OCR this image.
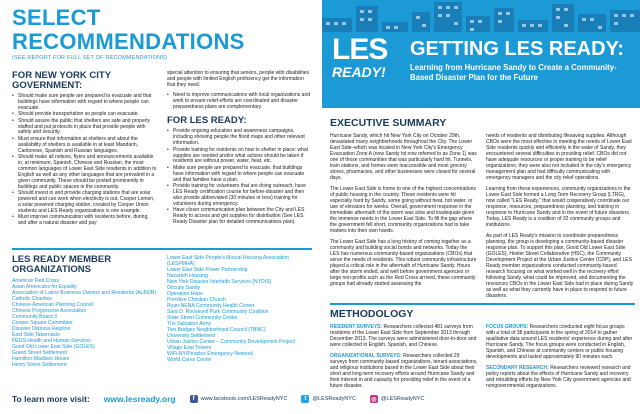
SELECT RECOMMENDATIONS
(SEE REPORT FOR FULL SET OF RECOMMENDATIONS)
FOR NEW YORK CITY GOVERNMENT:
• Should make sure people are prepared to evacuate and that buildings have information with regard to where people can evacuate.
• Should provide transportation so people can evacuate.
• Should assure the public that shelters are safe and properly staffed and put protocols in place that provide people with safety and security.
• Must ensure that information at shelters and about the availability of shelters is available in at least Mandarin, Cantonese, Spanish and Russian languages.
• Should make all notices, flyers and announcements available in, at minimum, Spanish, Chinese and Russian, the most common languages of Lower East Side residents in addition to English as well as any other languages that are prevalent in a given community. These should be posted prominently in buildings and public spaces in the community.
• Should invest in and provide charging stations that are solar powered and can work when electricity is out. Cooper Lemon, a solar powered charging station, created by Cooper Union students and LES Ready organizations is one example.
• Must improve communication with residents before, during, and after a natural disaster and pay
special attention to ensuring that seniors, people with disabilities and people with limited English proficiency get the information that they need.
• Need to improve communications with local organizations and work to ensure relief efforts are coordinated and disaster preparedness plans are complementary.
FOR LES READY:
• Provide ongoing education and awareness campaigns, including showing people the flood maps and other relevant information.
• Provide training for residents on how to shelter in place: what supplies are needed and/or what actions should be taken if residents are without power, water, heat, etc.
• Make sure people are prepared to evacuate, that buildings have information with regard to where people can evacuate and that families have a plan.
• Provide training for volunteers that are doing outreach; have LES Ready certification course for before-disaster and then also provide abbreviated (30 minutes or less) training for volunteers during emergency.
• Have closer communication plan between the City and LES Ready to access and get supplies for distribution (See LES Ready Disaster plan for detailed communications plan).
LES READY MEMBER ORGANIZATIONS
American Red Cross
Asian Americans for Equality
Association of Latino Business Owners and Residents (ALBOR)
Catholic Charities
Chinese-American Planning Council
Chinese Progressive Association
Community Board 3
Cooper Square Committee
Disaster Distress Helpline
East Side Tabernacle
FEGS Health and Human Services
Good Old Lower East Side (GOLES)
Grand Street Settlement
Hamilton-Madison House
Henry Street Settlement
Lower East Side People's Mutual Housing Association (LESPMHA)
Lower East Side Power Partnership
Nazareth Housing
New York Disaster Interfaith Services (NYDIS)
Occupy Sandy
Operation Hope
Primitive Christian Church
Ryan-NENA Community Health Center
Sara D. Roosevelt Park Community Coalition
State Street Community Center
The Salvation Army
Two Bridges Neighborhood Council (TBNC)
University Settlement
Urban Justice Center – Community Development Project
Village East Towers
WiFi-NY/Peoples Emergency Network
World Cares Center
To learn more visit: www.lesready.org	f	www.facebook.com/LESReadyNYC	t	@LESReadyNYC	◎ @LESReadyNYC
LES
READY!
GETTING LES READY:
Learning from Hurricane Sandy to Create a Community-Based Disaster Plan for the Future
EXECUTIVE SUMMARY

Hurricane Sandy, which hit New York City on October 29th, devastated many neighborhoods throughout the City. The Lower East Side–which was located in New York City's Emergency Evacuation Zone A (now Sandy hit now referred to as Zone 1) was one of those communities that was particularly hard hit. Tunnels, train stations, and homes were inaccessible and most grocery stores, pharmacies, and other businesses were closed for several days.

The Lower East Side is home to one of the highest concentrations of public housing in the country. These residents were hit especially hard by Sandy, some going without heat, hot water, or use of elevators for weeks. Overall, government response in the immediate aftermath of the storm was slow and inadequate given the immense needs in the Lower East Side. To fill the gap where the government fell short, community organizations had to take matters into their own hands.

The Lower East Side has a long history of coming together as a community and building social bonds and networks. Today the LES has numerous community-based organizations (CBOs) that serve the needs of residents. This robust community infrastructure played a critical role in the aftermath of Hurricane Sandy. Hours after the storm ended, and well before government agencies or large non-profits such as the Red Cross arrived, these community groups had already started assessing the

needs of residents and distributing lifesaving supplies. Although CBOs were the most effective in meeting the needs of Lower East Side residents quickly and efficiently in the wake of Sandy, they encountered several difficulties in providing relief. CBOs did not have adequate resources or proper training to be relief organizations; they were also not included in the city's emergency management plan and had difficulty communicating with emergency managers and the city relief operations.

Learning from these experiences, community organizations in the Lower East Side formed a Long Term Recovery Group (LTRG), now called "LES Ready," that would cooperatively coordinate our response, resources, preparedness planning, and training in response to Hurricane Sandy and in the event of future disasters. Today, LES Ready is a coalition of 32 community groups and institutions.

As part of LES Ready's mission to coordinate preparedness planning, the group is developing a community-based disaster response plan. To support this plan, Good Old Lower East Side (GOLES), Hester Street Collaborative (HSC), the Community Development Project at the Urban Justice Center (CDP), and LES Ready member organizations conducted community-based research focusing on what worked well in the recovery effort following Sandy, what could be improved, and documenting the resources CBOs in the Lower East Side had in place during Sandy as well as what they currently have in place to respond to future disasters.

METHODOLOGY

RESIDENT SURVEYS: Researchers collected 481 surveys from residents of the Lower East Side from September 2013 through December 2013. The surveys were administered door-to-door and were collected in English, Spanish, and Chinese.

ORGANIZATIONAL SURVEYS: Researchers collected 29 surveys from community-based organizations, tenant associations, and religious institutions based in the Lower East Side about their short and long-term recovery efforts around Hurricane Sandy and their interest in and capacity for providing relief in the event of a future disaster.

FOCUS GROUPS: Researchers conducted eight focus groups with a total of 38 participants in the spring of 2014 to gather qualitative data around LES residents' experience during and after Hurricane Sandy. The focus groups were conducted in English, Spanish, and Chinese at community centers or public housing developments and lasted approximately 90 minutes each.

SECONDARY RESEARCH: Researchers reviewed research and policy reports about the effects of Hurricane Sandy and recovery and rebuilding efforts by New York City government agencies and nongovernmental organizations.
